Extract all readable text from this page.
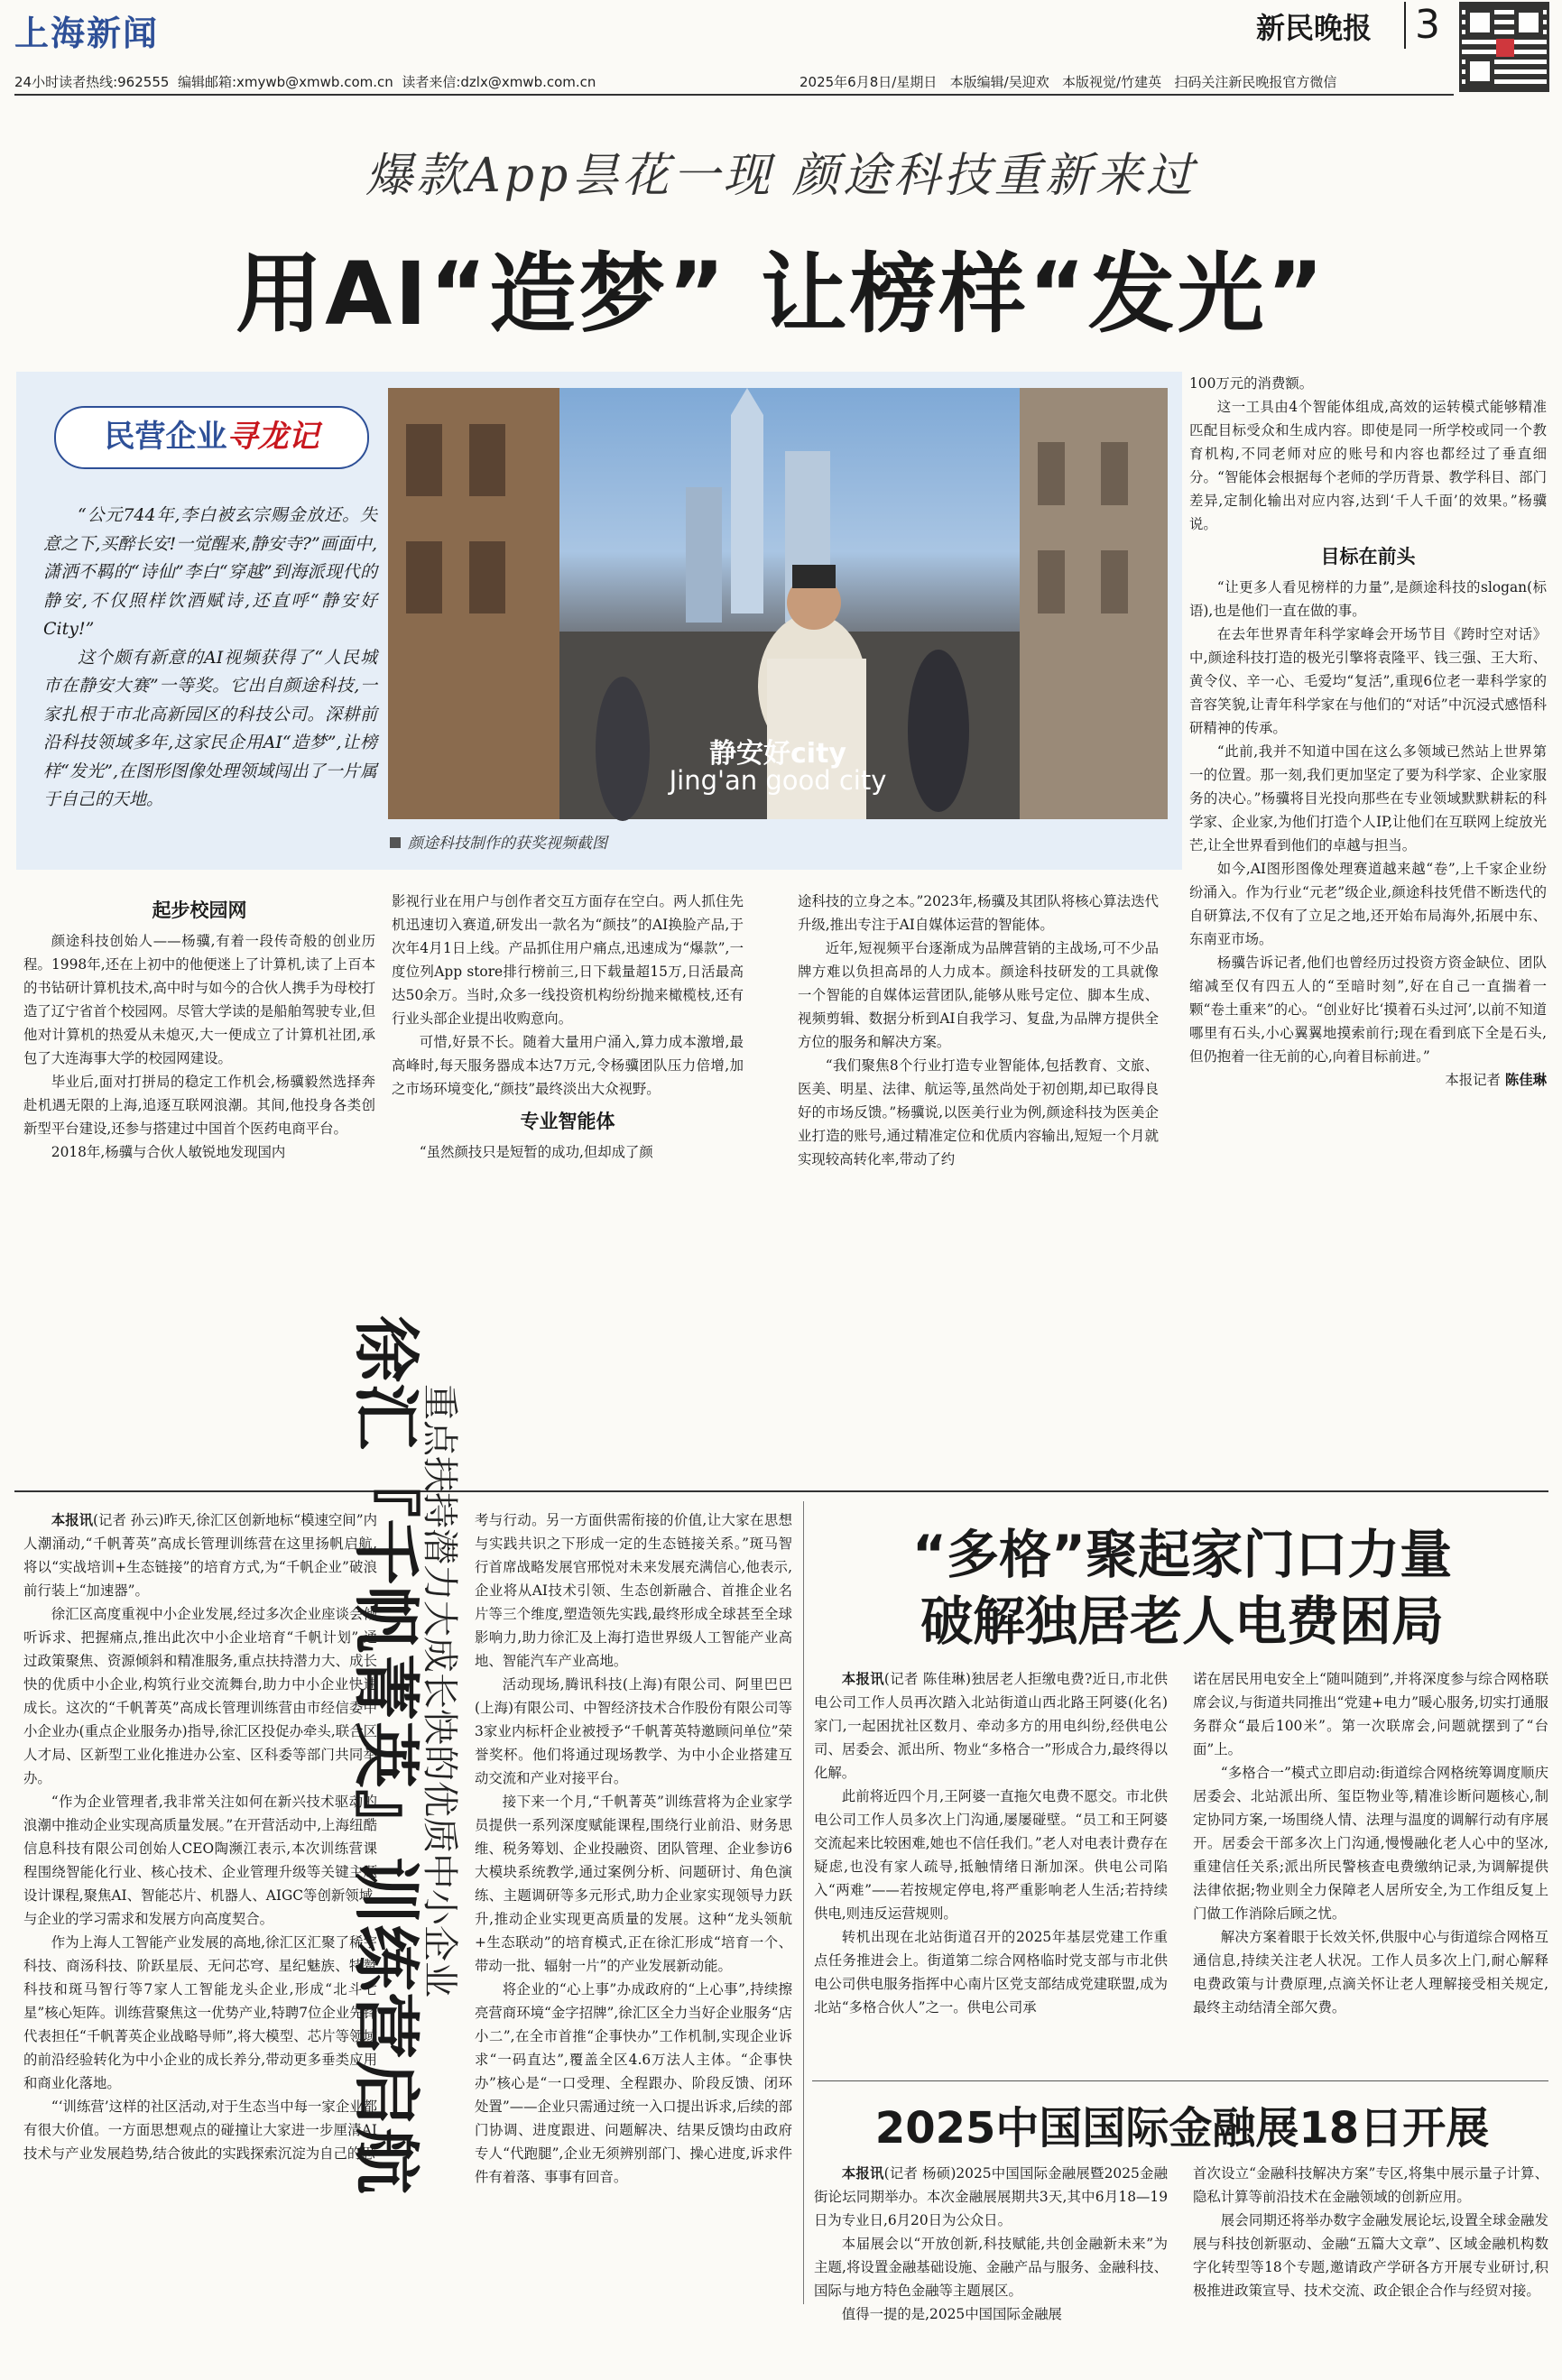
上海新闻	新民晚报 3
24小时读者热线:962555 编辑邮箱:xmywb@xmwb.com.cn 读者来信:dzlx@xmwb.com.cn	2025年6月8日/星期日 本版编辑/吴迎欢 本版视觉/竹建英 扫码关注新民晚报官方微信
爆款App昙花一现 颜途科技重新来过
用AI“造梦” 让榜样“发光”
民营企业寻龙记

“公元744年,李白被玄宗赐金放还。失意之下,买醉长安!一觉醒来,静安寺?”画面中,潇洒不羁的“诗仙”李白“穿越”到海派现代的静安,不仅照样饮酒赋诗,还直呼“静安好City!”

这个颇有新意的AI视频获得了“人民城市在静安大赛”一等奖。它出自颜途科技,一家扎根于市北高新园区的科技公司。深耕前沿科技领域多年,这家民企用AI“造梦”,让榜样“发光”,在图形图像处理领域闯出了一片属于自己的天地。

静安好city
Jing'an good city
颜途科技制作的获奖视频截图

起步校园网

颜途科技创始人——杨骥,有着一段传奇般的创业历程。1998年,还在上初中的他便迷上了计算机,读了上百本的书钻研计算机技术,高中时与如今的合伙人携手为母校打造了辽宁省首个校园网。尽管大学读的是船舶驾驶专业,但他对计算机的热爱从未熄灭,大一便成立了计算机社团,承包了大连海事大学的校园网建设。

毕业后,面对打拼局的稳定工作机会,杨骥毅然选择奔赴机遇无限的上海,追逐互联网浪潮。其间,他投身各类创新型平台建设,还参与搭建过中国首个医药电商平台。

2018年,杨骥与合伙人敏锐地发现国内

影视行业在用户与创作者交互方面存在空白。两人抓住先机迅速切入赛道,研发出一款名为“颜技”的AI换脸产品,于次年4月1日上线。产品抓住用户痛点,迅速成为“爆款”,一度位列App store排行榜前三,日下载量超15万,日活最高达50余万。当时,众多一线投资机构纷纷抛来橄榄枝,还有行业头部企业提出收购意向。

可惜,好景不长。随着大量用户涌入,算力成本激增,最高峰时,每天服务器成本达7万元,令杨骥团队压力倍增,加之市场环境变化,“颜技”最终淡出大众视野。

专业智能体

“虽然颜技只是短暂的成功,但却成了颜

途科技的立身之本。”2023年,杨骥及其团队将核心算法迭代升级,推出专注于AI自媒体运营的智能体。

近年,短视频平台逐渐成为品牌营销的主战场,可不少品牌方难以负担高昂的人力成本。颜途科技研发的工具就像一个智能的自媒体运营团队,能够从账号定位、脚本生成、视频剪辑、数据分析到AI自我学习、复盘,为品牌方提供全方位的服务和解决方案。

“我们聚焦8个行业打造专业智能体,包括教育、文旅、医美、明星、法律、航运等,虽然尚处于初创期,却已取得良好的市场反馈。”杨骥说,以医美行业为例,颜途科技为医美企业打造的账号,通过精准定位和优质内容输出,短短一个月就实现较高转化率,带动了约

100万元的消费额。

这一工具由4个智能体组成,高效的运转模式能够精准匹配目标受众和生成内容。即使是同一所学校或同一个教育机构,不同老师对应的账号和内容也都经过了垂直细分。“智能体会根据每个老师的学历背景、教学科目、部门差异,定制化输出对应内容,达到‘千人千面’的效果。”杨骥说。

目标在前头

“让更多人看见榜样的力量”,是颜途科技的slogan(标语),也是他们一直在做的事。

在去年世界青年科学家峰会开场节目《跨时空对话》中,颜途科技打造的极光引擎将袁隆平、钱三强、王大珩、黄令仪、辛一心、毛爱均“复活”,重现6位老一辈科学家的音容笑貌,让青年科学家在与他们的“对话”中沉浸式感悟科研精神的传承。

“此前,我并不知道中国在这么多领域已然站上世界第一的位置。那一刻,我们更加坚定了要为科学家、企业家服务的决心。”杨骥将目光投向那些在专业领域默默耕耘的科学家、企业家,为他们打造个人IP,让他们在互联网上绽放光芒,让全世界看到他们的卓越与担当。

如今,AI图形图像处理赛道越来越“卷”,上千家企业纷纷涌入。作为行业“元老”级企业,颜途科技凭借不断迭代的自研算法,不仅有了立足之地,还开始布局海外,拓展中东、东南亚市场。

杨骥告诉记者,他们也曾经历过投资方资金缺位、团队缩减至仅有四五人的“至暗时刻”,好在自己一直揣着一颗“卷土重来”的心。“创业好比‘摸着石头过河’,以前不知道哪里有石头,小心翼翼地摸索前行;现在看到底下全是石头,但仍抱着一往无前的心,向着目标前进。”

本报记者 陈佳琳

本报讯(记者 孙云)昨天,徐汇区创新地标“模速空间”内人潮涌动,“千帆菁英”高成长管理训练营在这里扬帆启航,将以“实战培训+生态链接”的培育方式,为“千帆企业”破浪前行装上“加速器”。

徐汇区高度重视中小企业发展,经过多次企业座谈会倾听诉求、把握痛点,推出此次中小企业培育“千帆计划”,通过政策聚焦、资源倾斜和精准服务,重点扶持潜力大、成长快的优质中小企业,构筑行业交流舞台,助力中小企业快速成长。这次的“千帆菁英”高成长管理训练营由市经信委中小企业办(重点企业服务办)指导,徐汇区投促办牵头,联合区人才局、区新型工业化推进办公室、区科委等部门共同举办。

“作为企业管理者,我非常关注如何在新兴技术驱动的浪潮中推动企业实现高质量发展。”在开营活动中,上海纽酷信息科技有限公司创始人CEO陶濒江表示,本次训练营课程围绕智能化行业、核心技术、企业管理升级等关键主题设计课程,聚焦AI、智能芯片、机器人、AIGC等创新领域,与企业的学习需求和发展方向高度契合。

作为上海人工智能产业发展的高地,徐汇区汇聚了稀宇科技、商汤科技、阶跃星辰、无问芯穹、星纪魅族、特赞科技和斑马智行等7家人工智能龙头企业,形成“北斗七星”核心矩阵。训练营聚焦这一优势产业,特聘7位企业先锋代表担任“千帆菁英企业战略导师”,将大模型、芯片等领域的前沿经验转化为中小企业的成长养分,带动更多垂类应用和商业化落地。

“‘训练营’这样的社区活动,对于生态当中每一家企业都有很大价值。一方面思想观点的碰撞让大家进一步厘清AI技术与产业发展趋势,结合彼此的实践探索沉淀为自己的思

徐汇『千帆菁英』训练营启航
重点扶持潜力大成长快的优质中小企业 考与行动。另一方面供需衔接的价值,让大家在思想与实践共识之下形成一定的生态链接关系。”斑马智行首席战略发展官邢悦对未来发展充满信心,他表示,企业将从AI技术引领、生态创新融合、首推企业名片等三个维度,塑造领先实践,最终形成全球甚至全球影响力,助力徐汇及上海打造世界级人工智能产业高地、智能汽车产业高地。

活动现场,腾讯科技(上海)有限公司、阿里巴巴(上海)有限公司、中智经济技术合作股份有限公司等3家业内标杆企业被授予“千帆菁英特邀顾问单位”荣誉奖杯。他们将通过现场教学、为中小企业搭建互动交流和产业对接平台。

接下来一个月,“千帆菁英”训练营将为企业家学员提供一系列深度赋能课程,围绕行业前沿、财务思维、税务筹划、企业投融资、团队管理、企业参访6大模块系统教学,通过案例分析、问题研讨、角色演练、主题调研等多元形式,助力企业家实现领导力跃升,推动企业实现更高质量的发展。这种“龙头领航+生态联动”的培育模式,正在徐汇形成“培育一个、带动一批、辐射一片”的产业发展新动能。

将企业的“心上事”办成政府的“上心事”,持续擦亮营商环境“金字招牌”,徐汇区全力当好企业服务“店小二”,在全市首推“企事快办”工作机制,实现企业诉求“一码直达”,覆盖全区4.6万法人主体。“企事快办”核心是“一口受理、全程跟办、阶段反馈、闭环处置”——企业只需通过统一入口提出诉求,后续的部门协调、进度跟进、问题解决、结果反馈均由政府专人“代跑腿”,企业无须辨别部门、操心进度,诉求件件有着落、事事有回音。

“多格”聚起家门口力量
破解独居老人电费困局

本报讯(记者 陈佳琳)独居老人拒缴电费?近日,市北供电公司工作人员再次踏入北站街道山西北路王阿婆(化名)家门,一起困扰社区数月、牵动多方的用电纠纷,经供电公司、居委会、派出所、物业“多格合一”形成合力,最终得以化解。

此前将近四个月,王阿婆一直拖欠电费不愿交。市北供电公司工作人员多次上门沟通,屡屡碰壁。“员工和王阿婆交流起来比较困难,她也不信任我们。”老人对电表计费存在疑虑,也没有家人疏导,抵触情绪日渐加深。供电公司陷入“两难”——若按规定停电,将严重影响老人生活;若持续供电,则违反运营规则。

转机出现在北站街道召开的2025年基层党建工作重点任务推进会上。街道第二综合网格临时党支部与市北供电公司供电服务指挥中心南片区党支部结成党建联盟,成为北站“多格合伙人”之一。供电公司承

诺在居民用电安全上“随叫随到”,并将深度参与综合网格联席会议,与街道共同推出“党建+电力”暖心服务,切实打通服务群众“最后100米”。第一次联席会,问题就摆到了“台面”上。

“多格合一”模式立即启动:街道综合网格统筹调度顺庆居委会、北站派出所、玺臣物业等,精准诊断问题核心,制定协同方案,一场围绕人情、法理与温度的调解行动有序展开。居委会干部多次上门沟通,慢慢融化老人心中的坚冰,重建信任关系;派出所民警核查电费缴纳记录,为调解提供法律依据;物业则全力保障老人居所安全,为工作组反复上门做工作消除后顾之忧。

解决方案着眼于长效关怀,供服中心与街道综合网格互通信息,持续关注老人状况。工作人员多次上门,耐心解释电费政策与计费原理,点滴关怀让老人理解接受相关规定,最终主动结清全部欠费。

2025中国国际金融展18日开展

本报讯(记者 杨硕)2025中国国际金融展暨2025金融街论坛同期举办。本次金融展展期共3天,其中6月18—19日为专业日,6月20日为公众日。

本届展会以“开放创新,科技赋能,共创金融新未来”为主题,将设置金融基础设施、金融产品与服务、金融科技、国际与地方特色金融等主题展区。

值得一提的是,2025中国国际金融展

首次设立“金融科技解决方案”专区,将集中展示量子计算、隐私计算等前沿技术在金融领域的创新应用。

展会同期还将举办数字金融发展论坛,设置全球金融发展与科技创新驱动、金融“五篇大文章”、区域金融机构数字化转型等18个专题,邀请政产学研各方开展专业研讨,积极推进政策宣导、技术交流、政企银企合作与经贸对接。
